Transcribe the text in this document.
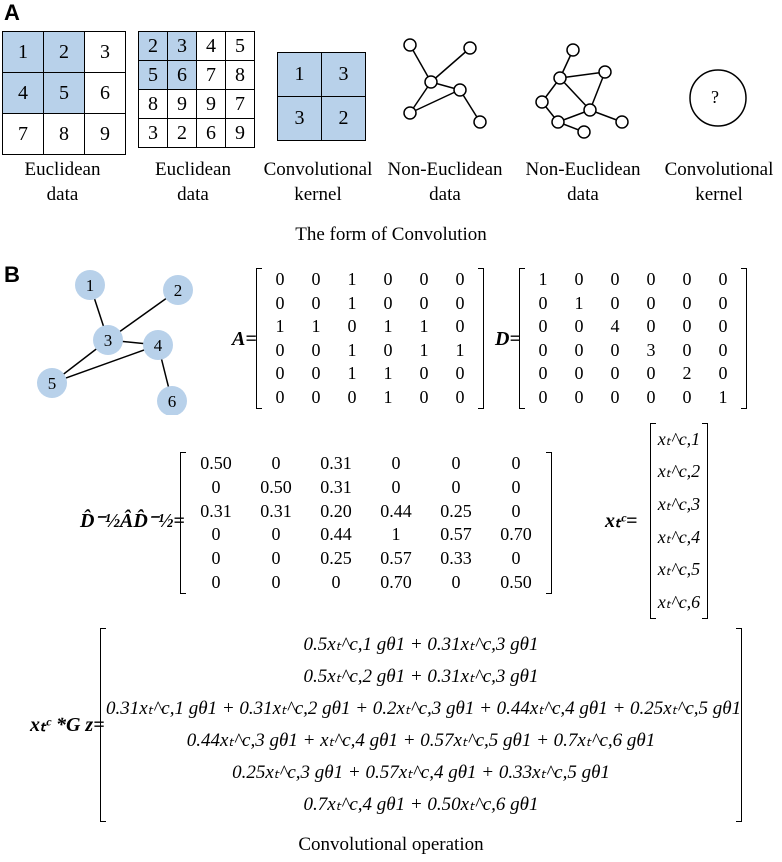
A
1	2	3
4	5	6
7	8	9
2	3	4	5
5	6	7	8
8	9	9	7
3	2	6	9
1	3
3	2
?
Euclidean
data
Euclidean
data
Convolutional
kernel
Non-Euclidean
data
Non-Euclidean
data
Convolutional
kernel
The form of Convolution
B	1	2
3 4
5
6
A=
0	0	1	0	0	0
0	0	1	0	0	0
1	1	0	1	1	0
0	0	1	0	1	1
0	0	1	1	0	0
0	0	0	1	0	0
D=
1	0	0	0	0	0
0	1	0	0	0	0
0	0	4	0	0	0
0	0	0	3	0	0
0	0	0	0	2	0
0	0	0	0	0	1
D̂⁻½ÂD̂⁻½=
0.50	0	0.31	0	0	0
0	0.50	0.31	0	0	0
0.31	0.31	0.20	0.44	0.25	0
0	0	0.44	1	0.57	0.70
0	0	0.25	0.57	0.33	0
0	0	0	0.70	0	0.50
xₜᶜ=
xₜ^c,1
xₜ^c,2
xₜ^c,3
xₜ^c,4
xₜ^c,5
xₜ^c,6
xₜᶜ *G z=
0.5xₜ^c,1 gθ1 + 0.31xₜ^c,3 gθ1
0.5xₜ^c,2 gθ1 + 0.31xₜ^c,3 gθ1
0.31xₜ^c,1 gθ1 + 0.31xₜ^c,2 gθ1 + 0.2xₜ^c,3 gθ1 + 0.44xₜ^c,4 gθ1 + 0.25xₜ^c,5 gθ1
0.44xₜ^c,3 gθ1 + xₜ^c,4 gθ1 + 0.57xₜ^c,5 gθ1 + 0.7xₜ^c,6 gθ1
0.25xₜ^c,3 gθ1 + 0.57xₜ^c,4 gθ1 + 0.33xₜ^c,5 gθ1
0.7xₜ^c,4 gθ1 + 0.50xₜ^c,6 gθ1
Convolutional operation
